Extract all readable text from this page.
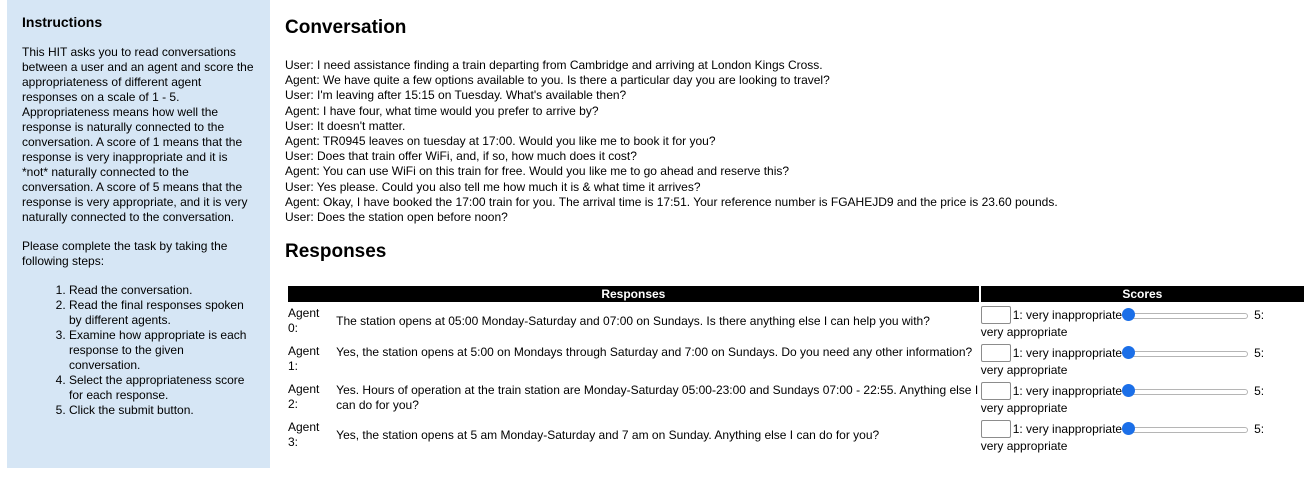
Instructions

This HIT asks you to read conversations between a user and an agent and score the appropriateness of different agent responses on a scale of 1 - 5. Appropriateness means how well the response is naturally connected to the conversation. A score of 1 means that the response is very inappropriate and it is *not* naturally connected to the conversation. A score of 5 means that the response is very appropriate, and it is very naturally connected to the conversation.

Please complete the task by taking the following steps:

1. Read the conversation.
2. Read the final responses spoken by different agents.
3. Examine how appropriate is each response to the given conversation.
4. Select the appropriateness score for each response.
5. Click the submit button.
Conversation
User: I need assistance finding a train departing from Cambridge and arriving at London Kings Cross.
Agent: We have quite a few options available to you. Is there a particular day you are looking to travel?
User: I'm leaving after 15:15 on Tuesday. What's available then?
Agent: I have four, what time would you prefer to arrive by?
User: It doesn't matter.
Agent: TR0945 leaves on tuesday at 17:00. Would you like me to book it for you?
User: Does that train offer WiFi, and, if so, how much does it cost?
Agent: You can use WiFi on this train for free. Would you like me to go ahead and reserve this?
User: Yes please. Could you also tell me how much it is & what time it arrives?
Agent: Okay, I have booked the 17:00 train for you. The arrival time is 17:51. Your reference number is FGAHEJD9 and the price is 23.60 pounds.
User: Does the station open before noon?
Responses
Responses		Scores
Agent
0:	The station opens at 05:00 Monday-Saturday and 07:00 on Sundays. Is there anything else I can help you with?	1: very inappropriate 5:
very appropriate

Agent
1:	Yes, the station opens at 5:00 on Mondays through Saturday and 7:00 on Sundays. Do you need any other information?	1: very inappropriate 5:
very appropriate

Agent
2:	Yes. Hours of operation at the train station are Monday-Saturday 05:00-23:00 and Sundays 07:00 - 22:55. Anything else I can do for you?	1: very inappropriate 5:
very appropriate

Agent
3:	Yes, the station opens at 5 am Monday-Saturday and 7 am on Sunday. Anything else I can do for you?	1: very inappropriate 5:
very appropriate
